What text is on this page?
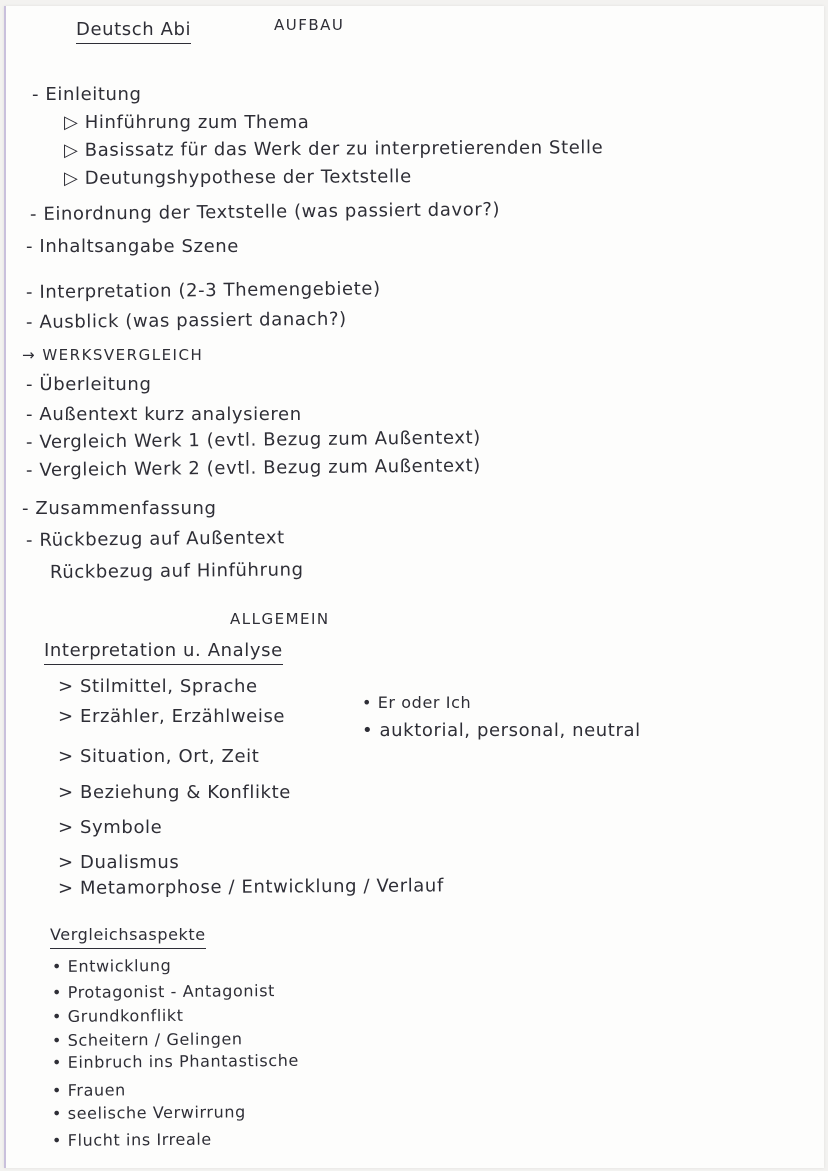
Deutsch Abi	AUFBAU
ALLGEMEIN
Interpretation u. Analyse
Vergleichsaspekte
- Einleitung
▷ Hinführung zum Thema
▷ Basissatz für das Werk der zu interpretierenden Stelle
▷ Deutungshypothese der Textstelle
- Einordnung der Textstelle (was passiert davor?)
- Inhaltsangabe Szene
- Interpretation (2-3 Themengebiete)
- Ausblick (was passiert danach?)
→ WERKSVERGLEICH
- Überleitung
- Außentext kurz analysieren
- Vergleich Werk 1 (evtl. Bezug zum Außentext)
- Vergleich Werk 2 (evtl. Bezug zum Außentext)
- Zusammenfassung
- Rückbezug auf Außentext
Rückbezug auf Hinführung
> Stilmittel, Sprache
> Erzähler, Erzählweise
> Situation, Ort, Zeit
> Beziehung & Konflikte
> Symbole
> Dualismus
> Metamorphose / Entwicklung / Verlauf
• Er oder Ich
• auktorial, personal, neutral
• Entwicklung
• Protagonist - Antagonist
• Grundkonflikt
• Scheitern / Gelingen
• Einbruch ins Phantastische
• Frauen
• seelische Verwirrung
• Flucht ins Irreale
